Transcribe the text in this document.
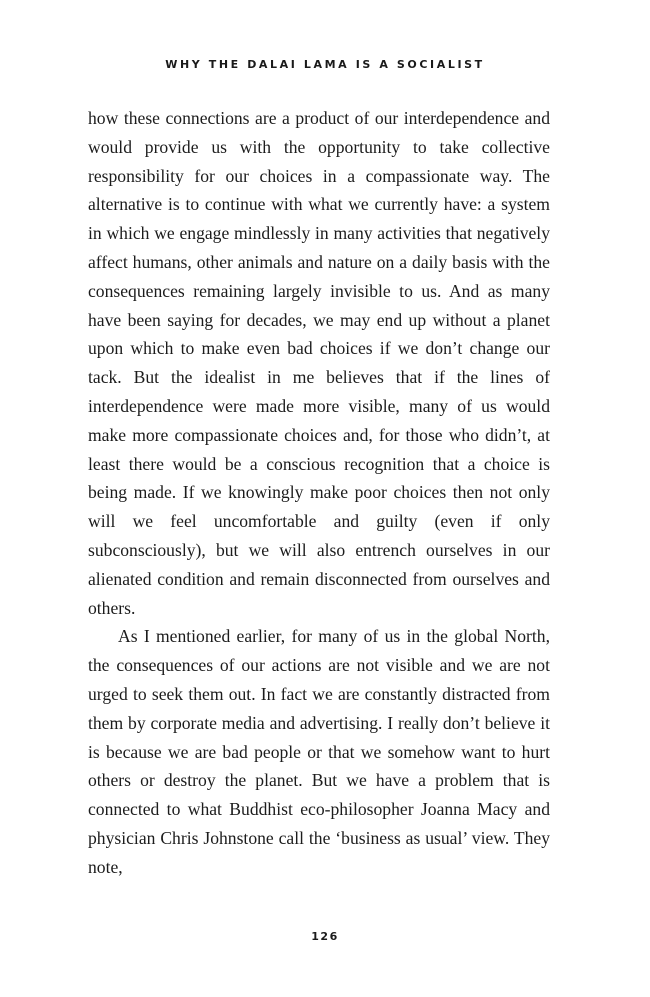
WHY THE DALAI LAMA IS A SOCIALIST

how these connections are a product of our interdependence and would provide us with the opportunity to take collective responsibility for our choices in a compassionate way. The alternative is to continue with what we currently have: a system in which we engage mindlessly in many activities that negatively affect humans, other animals and nature on a daily basis with the consequences remaining largely invisible to us. And as many have been saying for decades, we may end up without a planet upon which to make even bad choices if we don’t change our tack. But the idealist in me believes that if the lines of interdependence were made more visible, many of us would make more compassionate choices and, for those who didn’t, at least there would be a conscious recognition that a choice is being made. If we knowingly make poor choices then not only will we feel uncomfortable and guilty (even if only subconsciously), but we will also entrench ourselves in our alienated condition and remain disconnected from ourselves and others.

As I mentioned earlier, for many of us in the global North, the consequences of our actions are not visible and we are not urged to seek them out. In fact we are constantly distracted from them by corporate media and advertising. I really don’t believe it is because we are bad people or that we somehow want to hurt others or destroy the planet. But we have a problem that is connected to what Buddhist eco-philosopher Joanna Macy and physician Chris Johnstone call the ‘business as usual’ view. They note,

126
